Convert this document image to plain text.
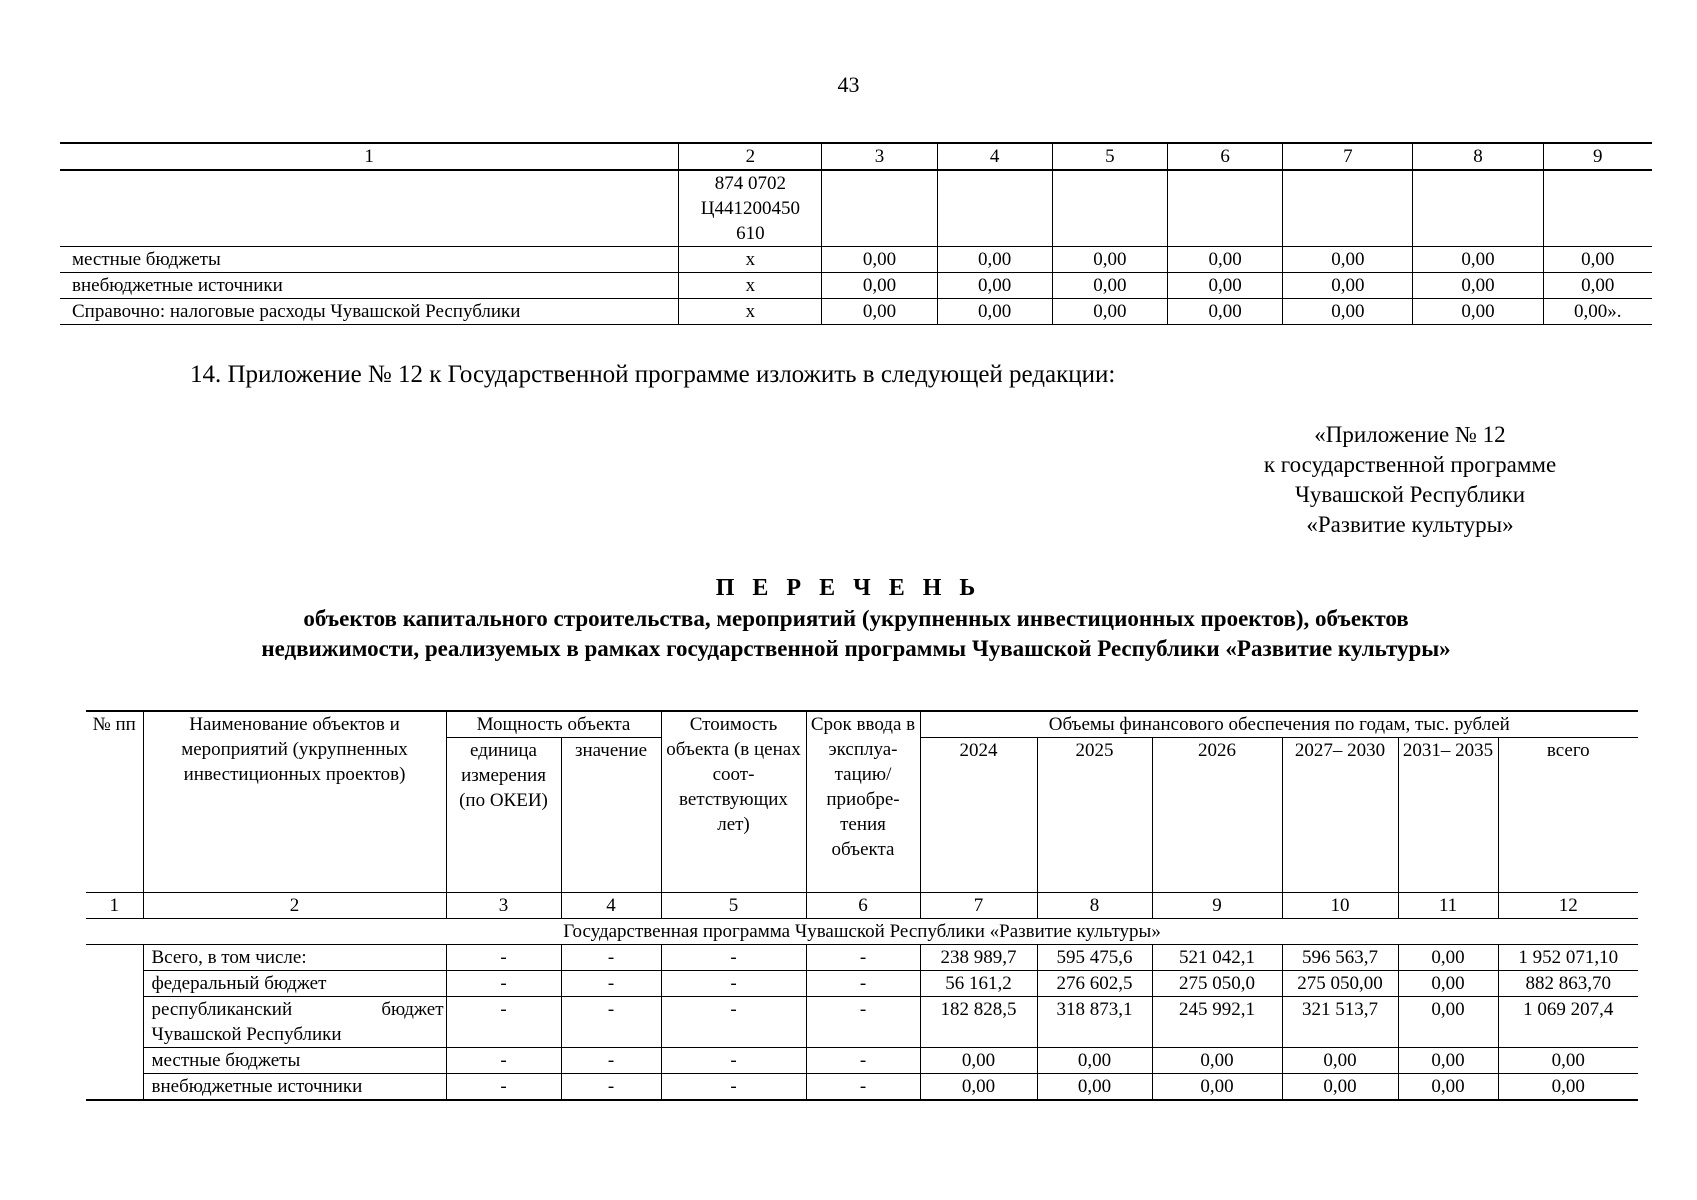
43
1	2	3	4	5	6	7	8	9

	874 0702
Ц441200450
610							

местные бюджеты	х	0,00	0,00	0,00	0,00	0,00	0,00	0,00
внебюджетные источники	х	0,00	0,00	0,00	0,00	0,00	0,00	0,00
Справочно: налоговые расходы Чувашской Республики	х	0,00	0,00	0,00	0,00	0,00	0,00	0,00».
14. Приложение № 12 к Государственной программе изложить в следующей редакции:
«Приложение № 12
к государственной программе
Чувашской Республики
«Развитие культуры»
П Е Р Е Ч Е Н Ь
объектов капитального строительства, мероприятий (укрупненных инвестиционных проектов), объектов
недвижимости, реализуемых в рамках государственной программы Чувашской Республики «Развитие культуры»
№ пп	Наименование объектов и мероприятий (укрупненных инвестиционных проектов)	Мощность объекта		Стоимость объекта (в ценах соот-ветствующих лет)	Срок ввода в эксплуа-тацию/ приобре-тения объекта	Объемы финансового обеспечения по годам, тыс. рублей					
		единица измерения (по ОКЕИ)	значение			2024	2025	2026	2027– 2030	2031– 2035	всего
1	2	3	4	5	6	7	8	9	10	11	12
Государственная программа Чувашской Республики «Развитие культуры»											
	Всего, в том числе:	-	-	-	-	238 989,7	595 475,6	521 042,1	596 563,7	0,00	1 952 071,10
	федеральный бюджет	-	-	-	-	56 161,2	276 602,5	275 050,0	275 050,00	0,00	882 863,70
	республиканский бюджет Чувашской Республики	-	-	-	-	182 828,5	318 873,1	245 992,1	321 513,7	0,00	1 069 207,4
	местные бюджеты	-	-	-	-	0,00	0,00	0,00	0,00	0,00	0,00
	внебюджетные источники	-	-	-	-	0,00	0,00	0,00	0,00	0,00	0,00
